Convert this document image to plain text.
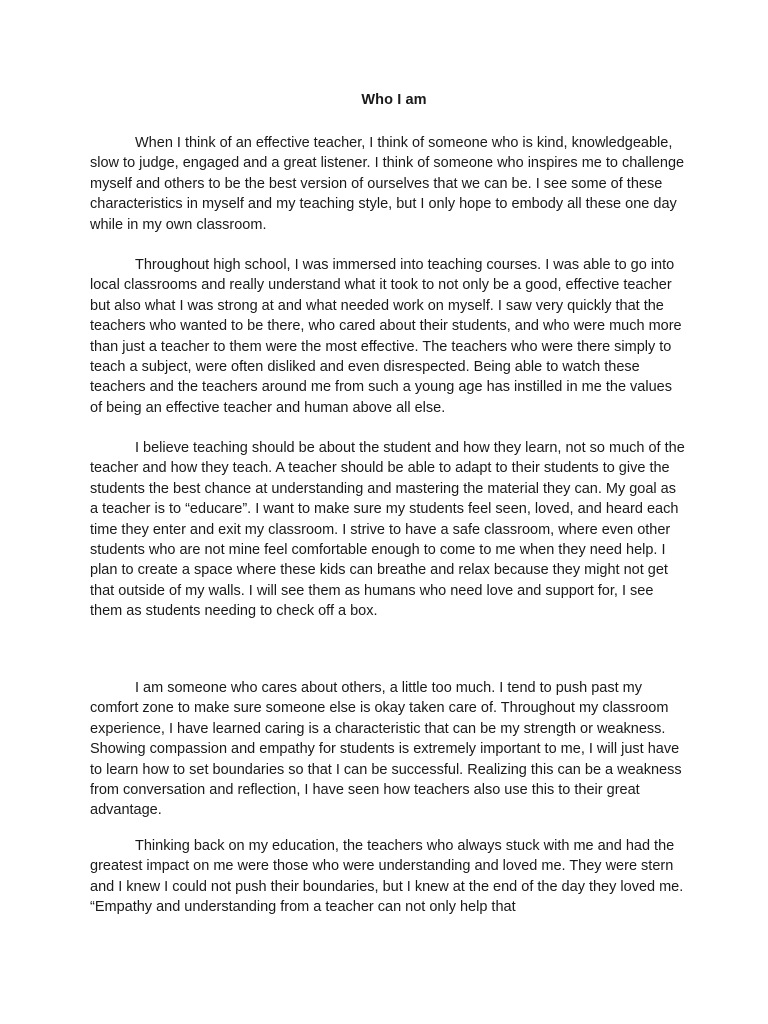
Who I am

When I think of an effective teacher, I think of someone who is kind, knowledgeable, slow to judge, engaged and a great listener. I think of someone who inspires me to challenge myself and others to be the best version of ourselves that we can be. I see some of these characteristics in myself and my teaching style, but I only hope to embody all these one day while in my own classroom.

Throughout high school, I was immersed into teaching courses. I was able to go into local classrooms and really understand what it took to not only be a good, effective teacher but also what I was strong at and what needed work on myself. I saw very quickly that the teachers who wanted to be there, who cared about their students, and who were much more than just a teacher to them were the most effective. The teachers who were there simply to teach a subject, were often disliked and even disrespected. Being able to watch these teachers and the teachers around me from such a young age has instilled in me the values of being an effective teacher and human above all else.

I believe teaching should be about the student and how they learn, not so much of the teacher and how they teach. A teacher should be able to adapt to their students to give the students the best chance at understanding and mastering the material they can. My goal as a teacher is to “educare”. I want to make sure my students feel seen, loved, and heard each time they enter and exit my classroom. I strive to have a safe classroom, where even other students who are not mine feel comfortable enough to come to me when they need help. I plan to create a space where these kids can breathe and relax because they might not get that outside of my walls. I will see them as humans who need love and support for, I see them as students needing to check off a box.

I am someone who cares about others, a little too much. I tend to push past my comfort zone to make sure someone else is okay taken care of. Throughout my classroom experience, I have learned caring is a characteristic that can be my strength or weakness. Showing compassion and empathy for students is extremely important to me, I will just have to learn how to set boundaries so that I can be successful. Realizing this can be a weakness from conversation and reflection, I have seen how teachers also use this to their great advantage.

Thinking back on my education, the teachers who always stuck with me and had the greatest impact on me were those who were understanding and loved me. They were stern and I knew I could not push their boundaries, but I knew at the end of the day they loved me. “Empathy and understanding from a teacher can not only help that
